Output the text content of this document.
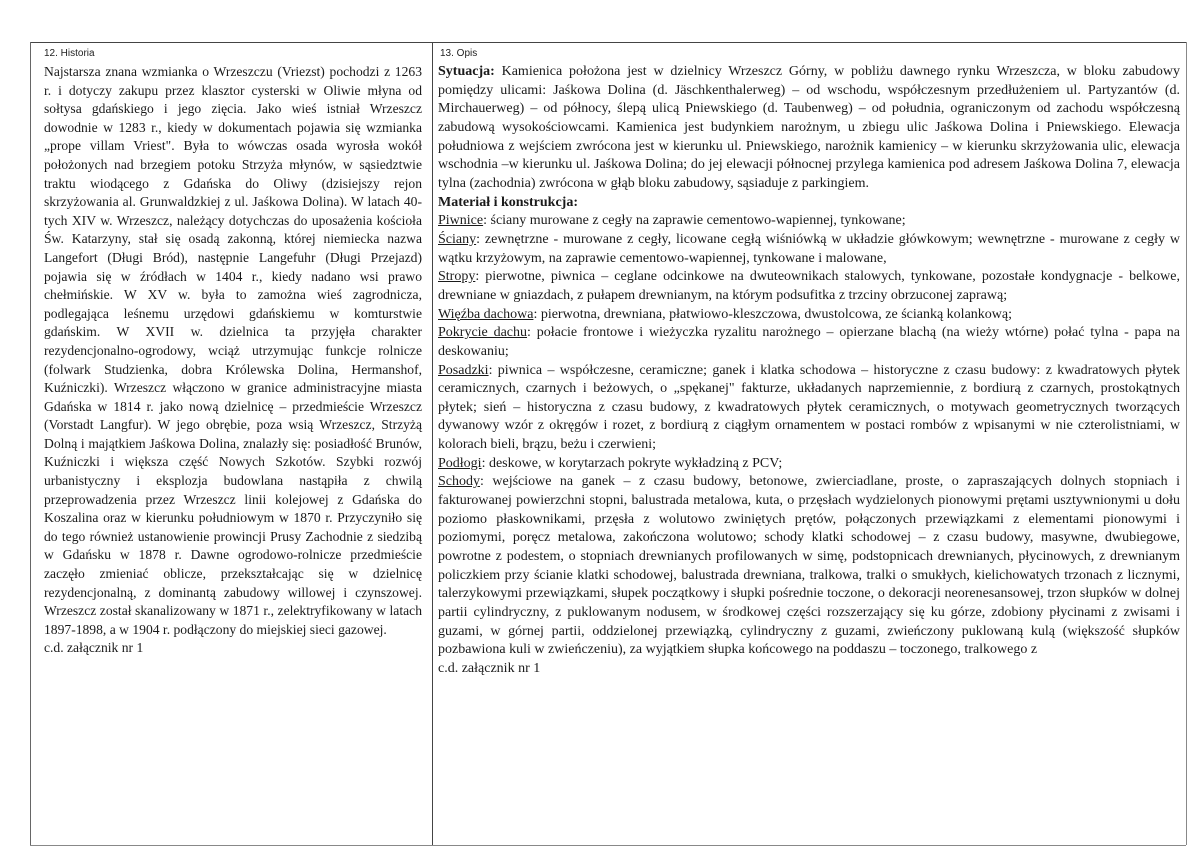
12. Historia	13. Opis

Najstarsza znana wzmianka o Wrzeszczu (Vriezst) pochodzi z 1263 r. i dotyczy zakupu przez klasztor cysterski w Oliwie młyna od sołtysa gdańskiego i jego zięcia. Jako wieś istniał Wrzeszcz dowodnie w 1283 r., kiedy w dokumentach pojawia się wzmianka „prope villam Vriest". Była to wówczas osada wyrosła wokół położonych nad brzegiem potoku Strzyża młynów, w sąsiedztwie traktu wiodącego z Gdańska do Oliwy (dzisiejszy rejon skrzyżowania al. Grunwaldzkiej z ul. Jaśkowa Dolina). W latach 40-tych XIV w. Wrzeszcz, należący dotychczas do uposażenia kościoła Św. Katarzyny, stał się osadą zakonną, której niemiecka nazwa Langefort (Długi Bród), następnie Langefuhr (Długi Przejazd) pojawia się w źródłach w 1404 r., kiedy nadano wsi prawo chełmińskie. W XV w. była to zamożna wieś zagrodnicza, podlegająca leśnemu urzędowi gdańskiemu w komturstwie gdańskim. W XVII w. dzielnica ta przyjęła charakter rezydencjonalno-ogrodowy, wciąż utrzymując funkcje rolnicze (folwark Studzienka, dobra Królewska Dolina, Hermanshof, Kuźniczki). Wrzeszcz włączono w granice administracyjne miasta Gdańska w 1814 r. jako nową dzielnicę – przedmieście Wrzeszcz (Vorstadt Langfur). W jego obrębie, poza wsią Wrzeszcz, Strzyżą Dolną i majątkiem Jaśkowa Dolina, znalazły się: posiadłość Brunów, Kuźniczki i większa część Nowych Szkotów. Szybki rozwój urbanistyczny i eksplozja budowlana nastąpiła z chwilą przeprowadzenia przez Wrzeszcz linii kolejowej z Gdańska do Koszalina oraz w kierunku południowym w 1870 r. Przyczyniło się do tego również ustanowienie prowincji Prusy Zachodnie z siedzibą w Gdańsku w 1878 r. Dawne ogrodowo-rolnicze przedmieście zaczęło zmieniać oblicze, przekształcając się w dzielnicę rezydencjonalną, z dominantą zabudowy willowej i czynszowej. Wrzeszcz został skanalizowany w 1871 r., zelektryfikowany w latach 1897-1898, a w 1904 r. podłączony do miejskiej sieci gazowej.

c.d. załącznik nr 1

Sytuacja: Kamienica położona jest w dzielnicy Wrzeszcz Górny, w pobliżu dawnego rynku Wrzeszcza, w bloku zabudowy pomiędzy ulicami: Jaśkowa Dolina (d. Jäschkenthalerweg) – od wschodu, współczesnym przedłużeniem ul. Partyzantów (d. Mirchauerweg) – od północy, ślepą ulicą Pniewskiego (d. Taubenweg) – od południa, ograniczonym od zachodu współczesną zabudową wysokościowcami. Kamienica jest budynkiem narożnym, u zbiegu ulic Jaśkowa Dolina i Pniewskiego. Elewacja południowa z wejściem zwrócona jest w kierunku ul. Pniewskiego, narożnik kamienicy – w kierunku skrzyżowania ulic, elewacja wschodnia –w kierunku ul. Jaśkowa Dolina; do jej elewacji północnej przylega kamienica pod adresem Jaśkowa Dolina 7, elewacja tylna (zachodnia) zwrócona w głąb bloku zabudowy, sąsiaduje z parkingiem.

Materiał i konstrukcja:

Piwnice: ściany murowane z cegły na zaprawie cementowo-wapiennej, tynkowane;

Ściany: zewnętrzne - murowane z cegły, licowane cegłą wiśniówką w układzie główkowym; wewnętrzne - murowane z cegły w wątku krzyżowym, na zaprawie cementowo-wapiennej, tynkowane i malowane,

Stropy: pierwotne, piwnica – ceglane odcinkowe na dwuteownikach stalowych, tynkowane, pozostałe kondygnacje - belkowe, drewniane w gniazdach, z pułapem drewnianym, na którym podsufitka z trzciny obrzuconej zaprawą;

Więźba dachowa: pierwotna, drewniana, płatwiowo-kleszczowa, dwustolcowa, ze ścianką kolankową;

Pokrycie dachu: połacie frontowe i wieżyczka ryzalitu narożnego – opierzane blachą (na wieży wtórne) połać tylna - papa na deskowaniu;

Posadzki: piwnica – współczesne, ceramiczne; ganek i klatka schodowa – historyczne z czasu budowy: z kwadratowych płytek ceramicznych, czarnych i beżowych, o „spękanej" fakturze, układanych naprzemiennie, z bordiurą z czarnych, prostokątnych płytek; sień – historyczna z czasu budowy, z kwadratowych płytek ceramicznych, o motywach geometrycznych tworzących dywanowy wzór z okręgów i rozet, z bordiurą z ciągłym ornamentem w postaci rombów z wpisanymi w nie czterolistniami, w kolorach bieli, brązu, beżu i czerwieni;

Podłogi: deskowe, w korytarzach pokryte wykładziną z PCV;

Schody: wejściowe na ganek – z czasu budowy, betonowe, zwierciadlane, proste, o zapraszających dolnych stopniach i fakturowanej powierzchni stopni, balustrada metalowa, kuta, o przęsłach wydzielonych pionowymi prętami usztywnionymi u dołu poziomo płaskownikami, przęsła z wolutowo zwiniętych prętów, połączonych przewiązkami z elementami pionowymi i poziomymi, poręcz metalowa, zakończona wolutowo; schody klatki schodowej – z czasu budowy, masywne, dwubiegowe, powrotne z podestem, o stopniach drewnianych profilowanych w simę, podstopnicach drewnianych, płycinowych, z drewnianym policzkiem przy ścianie klatki schodowej, balustrada drewniana, tralkowa, tralki o smukłych, kielichowatych trzonach z licznymi, talerzykowymi przewiązkami, słupek początkowy i słupki pośrednie toczone, o dekoracji neorenesansowej, trzon słupków w dolnej partii cylindryczny, z puklowanym nodusem, w środkowej części rozszerzający się ku górze, zdobiony płycinami z zwisami i guzami, w górnej partii, oddzielonej przewiązką, cylindryczny z guzami, zwieńczony puklowaną kulą (większość słupków pozbawiona kuli w zwieńczeniu), za wyjątkiem słupka końcowego na poddaszu – toczonego, tralkowego z

c.d. załącznik nr 1
